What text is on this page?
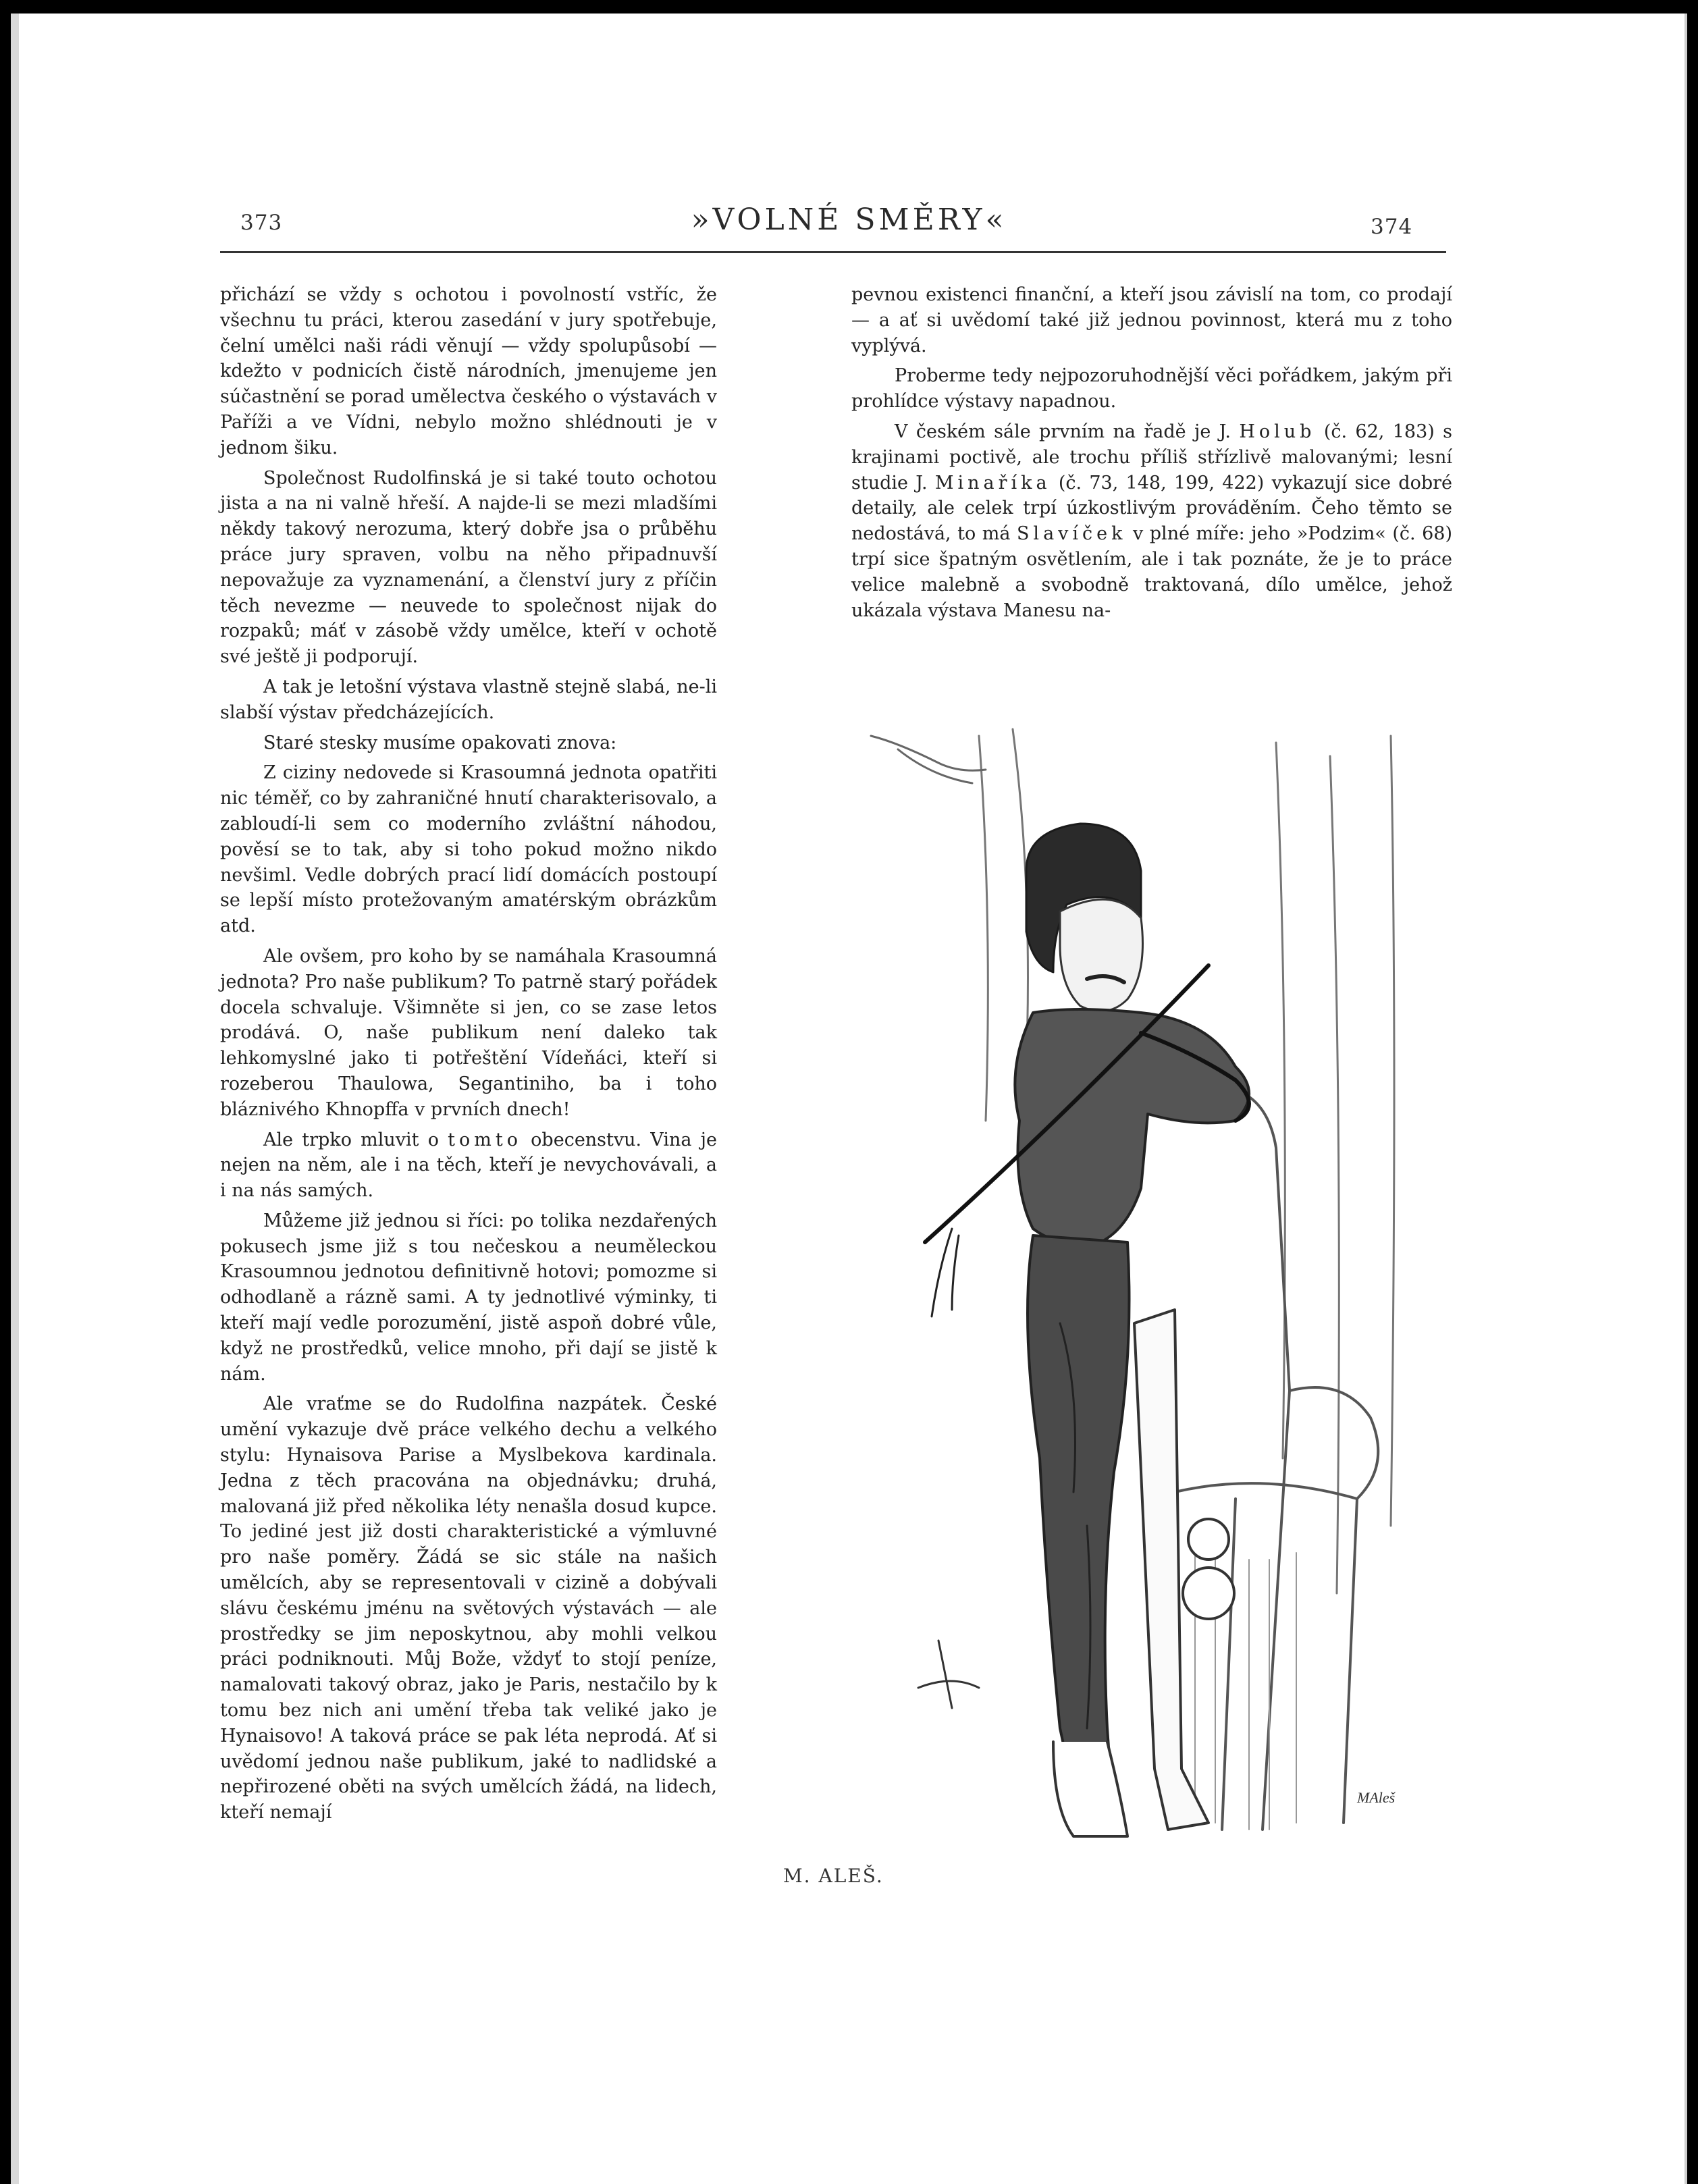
373	»VOLNÉ SMĚRY«	374

přichází se vždy s ochotou i povolností vstříc, že všechnu tu práci, kterou zasedání v jury spotřebuje, čelní umělci naši rádi věnují — vždy spolupůsobí — kdežto v podnicích čistě národních, jmenujeme jen súčastnění se porad umělectva českého o výstavách v Paříži a ve Vídni, nebylo možno shlédnouti je v jednom šiku.

Společnost Rudolfinská je si také touto ochotou jista a na ni valně hřeší. A najde-li se mezi mladšími někdy takový nerozuma, který dobře jsa o průběhu práce jury spraven, volbu na něho připadnuvší nepovažuje za vyznamenání, a členství jury z příčin těch nevezme — neuvede to společnost nijak do rozpaků; máť v zásobě vždy umělce, kteří v ochotě své ještě ji podporují.

A tak je letošní výstava vlastně stejně slabá, ne-li slabší výstav předcházejících.

Staré stesky musíme opakovati znova:

Z ciziny nedovede si Krasoumná jednota opatřiti nic téměř, co by zahraničné hnutí charakterisovalo, a zabloudí-li sem co moderního zvláštní náhodou, pověsí se to tak, aby si toho pokud možno nikdo nevšiml. Vedle dobrých prací lidí domácích postoupí se lepší místo protežovaným amatérským obrázkům atd.

Ale ovšem, pro koho by se namáhala Krasoumná jednota? Pro naše publikum? To patrně starý pořádek docela schvaluje. Všimněte si jen, co se zase letos prodává. O, naše publikum není daleko tak lehkomyslné jako ti potřeštění Vídeňáci, kteří si rozeberou Thaulowa, Segantiniho, ba i toho bláznivého Khnopffa v prvních dnech!

Ale trpko mluvit o tomto obecenstvu. Vina je nejen na něm, ale i na těch, kteří je nevychovávali, a i na nás samých.

Můžeme již jednou si říci: po tolika nezdařených pokusech jsme již s tou nečeskou a neuměleckou Krasoumnou jednotou definitivně hotovi; pomozme si odhodlaně a rázně sami. A ty jednotlivé výminky, ti kteří mají vedle porozumění, jistě aspoň dobré vůle, když ne prostředků, velice mnoho, při dají se jistě k nám.

Ale vraťme se do Rudolfina nazpátek. České umění vykazuje dvě práce velkého dechu a velkého stylu: Hynaisova Parise a Myslbekova kardinala. Jedna z těch pracována na objednávku; druhá, malovaná již před několika léty nenašla dosud kupce. To jediné jest již dosti charakteristické a výmluvné pro naše poměry. Žádá se sic stále na našich umělcích, aby se representovali v cizině a dobývali slávu českému jménu na světových výstavách — ale prostředky se jim neposkytnou, aby mohli velkou práci podniknouti. Můj Bože, vždyť to stojí peníze, namalovati takový obraz, jako je Paris, nestačilo by k tomu bez nich ani umění třeba tak veliké jako je Hynaisovo! A taková práce se pak léta neprodá. Ať si uvědomí jednou naše publikum, jaké to nadlidské a nepřirozené oběti na svých umělcích žádá, na lidech, kteří nemají

pevnou existenci finanční, a kteří jsou závislí na tom, co prodají — a ať si uvědomí také již jednou povinnost, která mu z toho vyplývá.

Proberme tedy nejpozoruhodnější věci pořádkem, jakým při prohlídce výstavy napadnou.

V českém sále prvním na řadě je J. Holub (č. 62, 183) s krajinami poctivě, ale trochu příliš střízlivě malovanými; lesní studie J. Minaříka (č. 73, 148, 199, 422) vykazují sice dobré detaily, ale celek trpí úzkostlivým prováděním. Čeho těmto se nedostává, to má Slavíček v plné míře: jeho »Podzim« (č. 68) trpí sice špatným osvětlením, ale i tak poznáte, že je to práce velice malebně a svobodně traktovaná, dílo umělce, jehož ukázala výstava Manesu na-

MAleš
M. ALEŠ.
